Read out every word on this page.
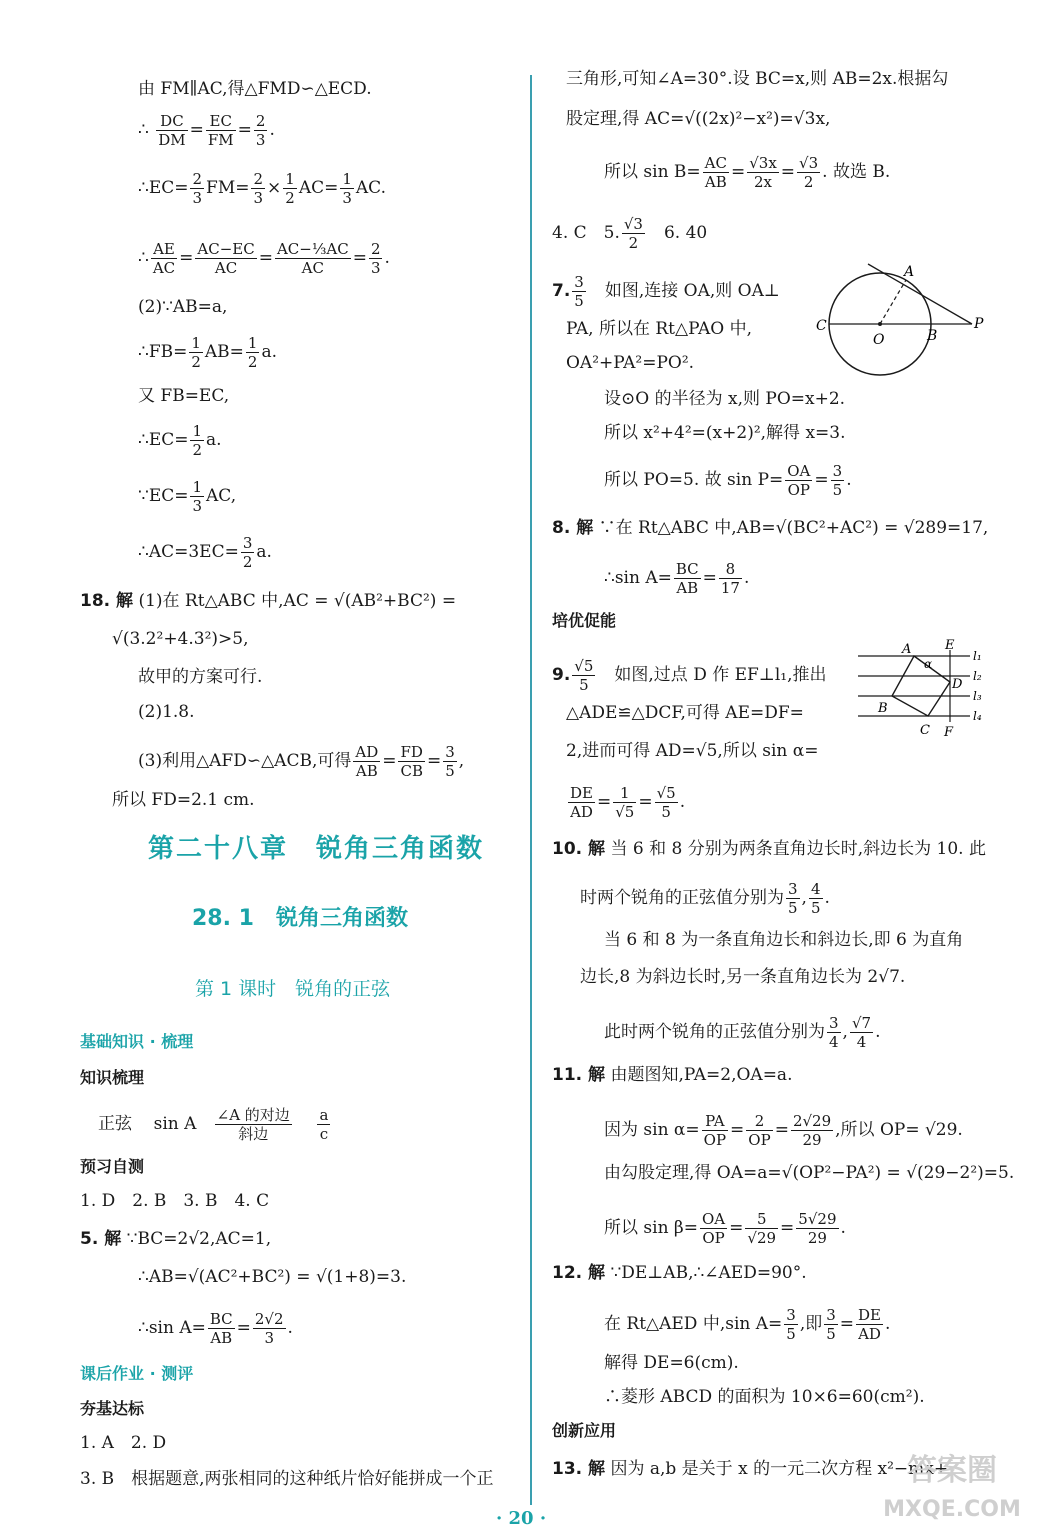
由 FM∥AC,得△FMD∽△ECD.
∴ $\frac{DC}{DM} = \frac{EC}{FM} = \frac{2}{3}$ .
∴EC= $\frac{2}{3} FM= \frac{2}{3} \times \frac{1}{2} AC= \frac{1}{3}$ AC.
∴ $\frac{AE}{AC} = \frac{AC-EC}{AC} = \frac{\text{AC−⅓AC}}{AC} = \frac{2}{3}$ .
(2)∵AB=a,
∴FB= $\frac{1}{2} AB= \frac{1}{2} a$.
又 FB=EC,
∴EC= $\frac{1}{2} a$.
∵EC= $\frac{1}{3}$ AC,
∴AC=3EC= $\frac{3}{2} a$.
18. 解 (1)在 Rt△ABC 中,AC = √(AB²+BC²) =
√(3.2²+4.3²)>5,
故甲的方案可行.
(2)1.8.
(3)利用△AFD∽△ACB,可得 $\frac{AD}{AB} = \frac{FD}{CB} = \frac{3}{5}$ ,
所以 FD=2.1 cm.
第二十八章　锐角三角函数
28. 1　锐角三角函数
第 1 课时　锐角的正弦
基础知识 · 梳理
知识梳理
正弦 sin A $\frac{\text{∠A 的对边}}{\text{斜边}}$
$\frac{a}{c}$
预习自测
1. D　2. B　3. B　4. C
5. 解 ∵BC=2√2,AC=1,
∴AB=√(AC²+BC²) = √(1+8)=3.
∴sin $A= \frac{BC}{AB} = \frac{2√2}{3}$ .
课后作业 · 测评
夯基达标
1. A　2. D
3. B　根据题意,两张相同的这种纸片恰好能拼成一个正
三角形,可知∠A=30°.设 BC=x,则 AB=2x.根据勾
股定理,得 AC=√((2x)²−x²)=√3x,
所以 $\sin B= \frac{AC}{AB} = \frac{√3x}{2x} = \frac{√3}{2}$ . 故选 B.
4. C　5. $\frac{√3}{2}$ 　6. 40
7. $\frac{3}{5}$ 　如图,连接 OA,则 OA⊥
PA, 所以在 Rt△PAO 中,
OA²+PA²=PO².
设⊙O 的半径为 x,则 PO=x+2.
所以 x²+4²=(x+2)²,解得 x=3.
所以 PO=5. 故 $\sin P= \frac{OA}{OP} = \frac{3}{5}$ .
A
C
O	B
P
8. 解 ∵在 Rt△ABC 中,AB=√(BC²+AC²) = √289=17,
∴sin $A= \frac{BC}{AB} = \frac{8}{17}$ .
培优促能
9. $\frac{√5}{5}$ 　如图,过点 D 作 EF⊥l₁,推出
△ADE≌△DCF,可得 AE=DF=
2,进而可得 AD=√5,所以 sin α=
$\frac{DE}{AD} = \frac{1}{√5} = \frac{√5}{5}$ .
A	E
α
D
B
C F
l₁
l₂
l₃
l₄
10. 解 当 6 和 8 分别为两条直角边长时,斜边长为 10. 此
时两个锐角的正弦值分别为 $\frac{3}{5}$ , $\frac{4}{5}$ .
当 6 和 8 为一条直角边长和斜边长,即 6 为直角
边长,8 为斜边长时,另一条直角边长为 2√7.
此时两个锐角的正弦值分别为 $\frac{3}{4}$ , $\frac{√7}{4}$ .
11. 解 由题图知,PA=2,OA=a.
因为 $\sin \alpha= \frac{PA}{OP} = \frac{2}{OP} = \frac{2√29}{29}$ ,所以 OP= √29.
由勾股定理,得 OA=a=√(OP²−PA²) = √(29−2²)=5.
所以 $\sin \beta= \frac{OA}{OP} = \frac{5}{√29} = \frac{5√29}{29}$ .
12. 解 ∵DE⊥AB,∴∠AED=90°.
在 Rt△AED 中,sin $A= \frac{3}{5}$ ,即 $\frac{3}{5} = \frac{DE}{AD}$ .
解得 DE=6(cm).
∴菱形 ABCD 的面积为 10×6=60(cm²).
创新应用
13. 解 因为 a,b 是关于 x 的一元二次方程 x²−mx+
· 20 ·
答案圈
MXQE.COM
